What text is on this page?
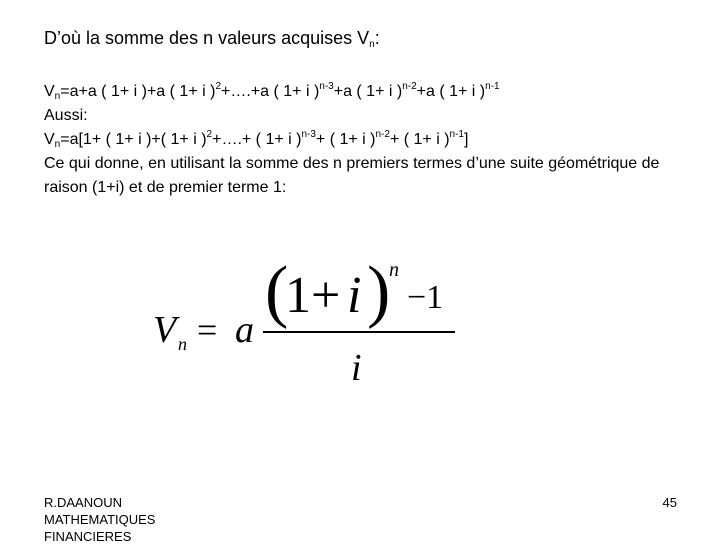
D’où la somme des n valeurs acquises $V_n$:
$V_n=a+a$ ( 1+ i )+a ( 1+ i )$^2$+….+a ( 1+ i )$^{n-3}$+a ( 1+ i )$^{n-2}$+a ( 1+ i )$^{n-1}$
Aussi:
$V_n=a[1+$ ( 1+ i )+( 1+ i )$^2$+….+ ( 1+ i )$^{n-3}$+ ( 1+ i )$^{n-2}$+ ( 1+ i )$^{n-1}$]
Ce qui donne, en utilisant la somme des n premiers termes d’une suite géométrique de raison (1+i) et de premier terme 1:
V n = a (
1+ i )
n
−1
i
R.DAANOUN
MATHEMATIQUES
FINANCIERES
45
